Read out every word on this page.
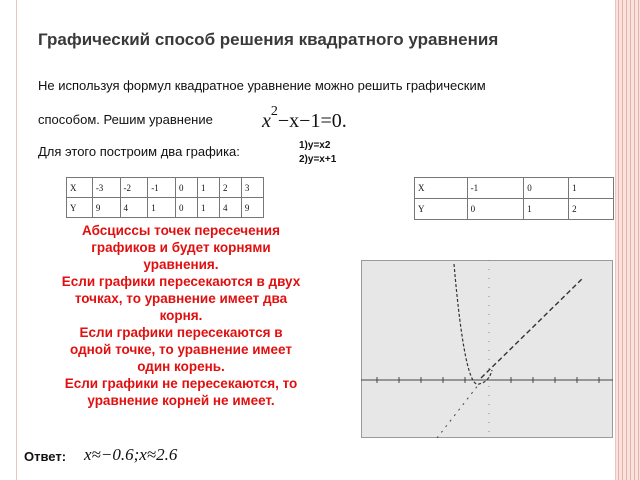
Графический способ решения квадратного уравнения
Не используя формул квадратное уравнение можно решить графическим
способом. Решим уравнение $x^2-x-1=0$.
Для этого построим два графика:	1)y=x2
2)y=x+1
X	-3	-2	-1	0	1	2	3
Y	9	4	1	0	1	4	9
X	-1	0	1
Y	0	1	2
Абсциссы точек пересечения
графиков и будет корнями
уравнения.
Если графики пересекаются в двух
точках, то уравнение имеет два
корня.
Если графики пересекаются в
одной точке, то уравнение имеет
один корень.
Если графики не пересекаются, то
уравнение корней не имеет.
Ответ: x≈−0.6;x≈2.6
